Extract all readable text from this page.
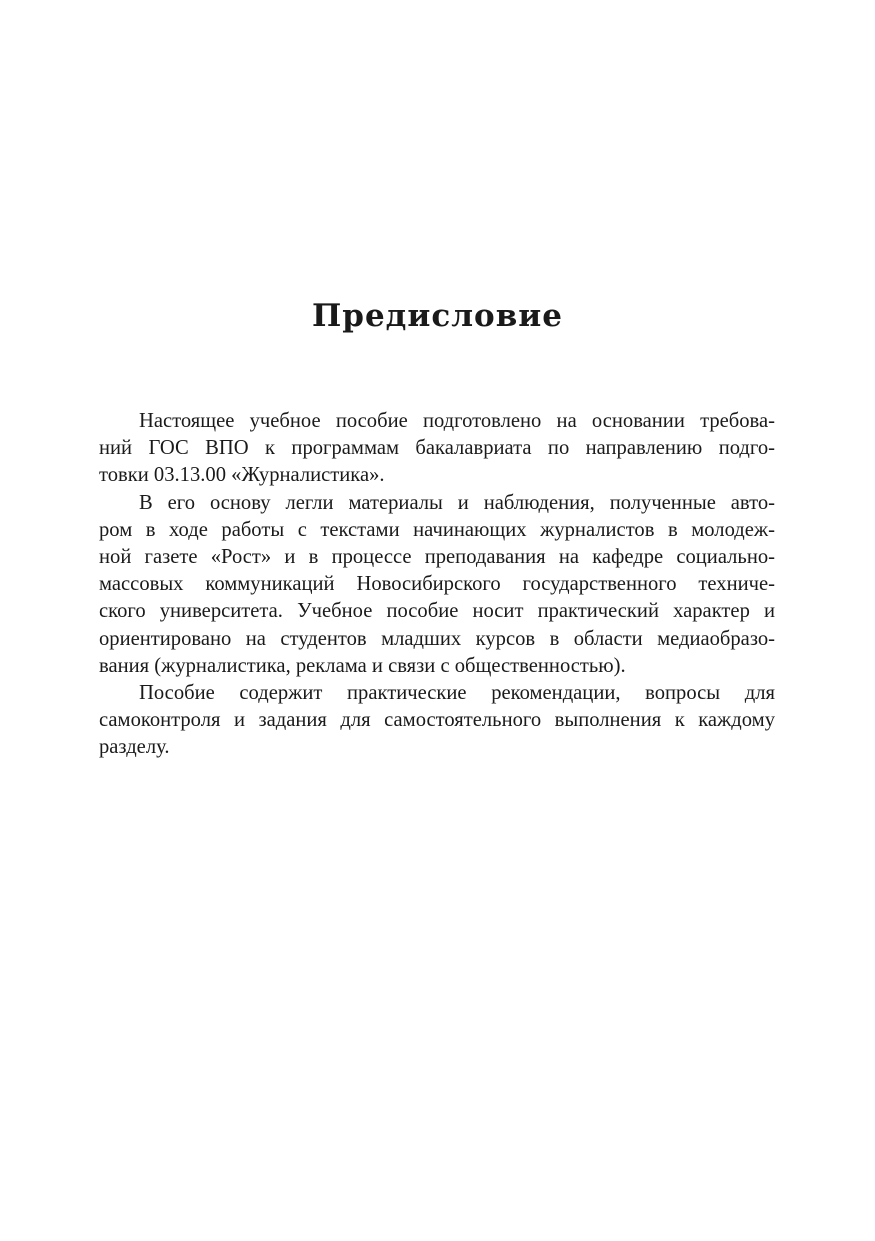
Предисловие

Настоящее учебное пособие подготовлено на основании требова-
ний ГОС ВПО к программам бакалавриата по направлению подго-
товки 03.13.00 «Журналистика».

В его основу легли материалы и наблюдения, полученные авто-
ром в ходе работы с текстами начинающих журналистов в молодеж-
ной газете «Рост» и в процессе преподавания на кафедре социально-
массовых коммуникаций Новосибирского государственного техниче-
ского университета. Учебное пособие носит практический характер и
ориентировано на студентов младших курсов в области медиаобразо-
вания (журналистика, реклама и связи с общественностью).

Пособие содержит практические рекомендации, вопросы для
самоконтроля и задания для самостоятельного выполнения к каждому
разделу.
